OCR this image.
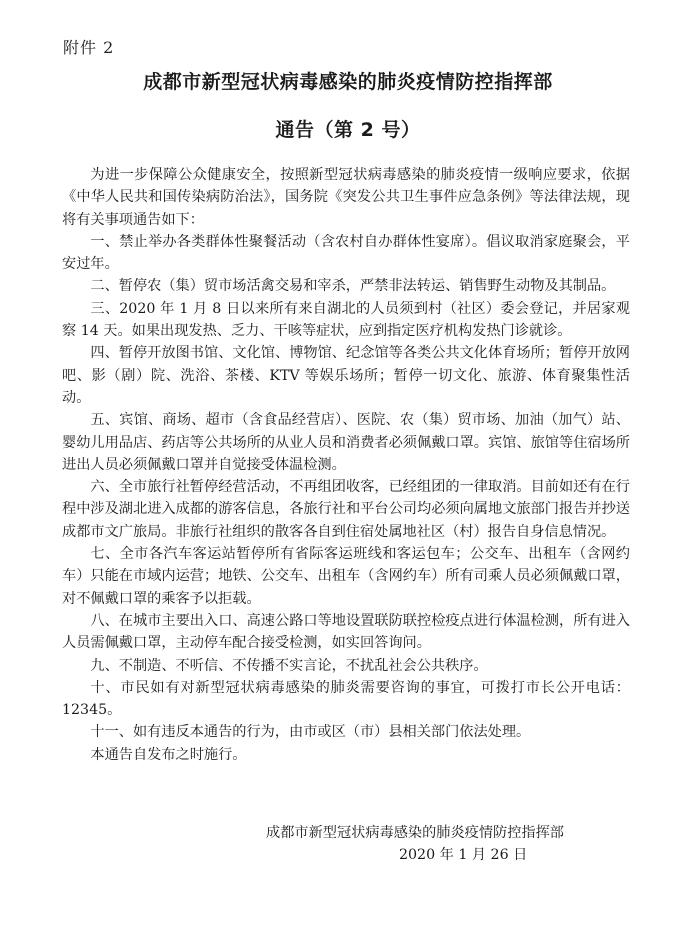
附件 2
成都市新型冠状病毒感染的肺炎疫情防控指挥部
通告（第 2 号）

为进一步保障公众健康安全，按照新型冠状病毒感染的肺炎疫情一级响应要求，依据《中华人民共和国传染病防治法》，国务院《突发公共卫生事件应急条例》等法律法规，现将有关事项通告如下：

一、禁止举办各类群体性聚餐活动（含农村自办群体性宴席）。倡议取消家庭聚会，平安过年。

二、暂停农（集）贸市场活禽交易和宰杀，严禁非法转运、销售野生动物及其制品。

三、2020 年 1 月 8 日以来所有来自湖北的人员须到村（社区）委会登记，并居家观察 14 天。如果出现发热、乏力、干咳等症状，应到指定医疗机构发热门诊就诊。

四、暂停开放图书馆、文化馆、博物馆、纪念馆等各类公共文化体育场所；暂停开放网吧、影（剧）院、洗浴、茶楼、KTV 等娱乐场所；暂停一切文化、旅游、体育聚集性活动。

五、宾馆、商场、超市（含食品经营店）、医院、农（集）贸市场、加油（加气）站、婴幼儿用品店、药店等公共场所的从业人员和消费者必须佩戴口罩。宾馆、旅馆等住宿场所进出人员必须佩戴口罩并自觉接受体温检测。

六、全市旅行社暂停经营活动，不再组团收客，已经组团的一律取消。目前如还有在行程中涉及湖北进入成都的游客信息，各旅行社和平台公司均必须向属地文旅部门报告并抄送成都市文广旅局。非旅行社组织的散客各自到住宿处属地社区（村）报告自身信息情况。

七、全市各汽车客运站暂停所有省际客运班线和客运包车；公交车、出租车（含网约车）只能在市域内运营；地铁、公交车、出租车（含网约车）所有司乘人员必须佩戴口罩，对不佩戴口罩的乘客予以拒载。

八、在城市主要出入口、高速公路口等地设置联防联控检疫点进行体温检测，所有进入人员需佩戴口罩，主动停车配合接受检测，如实回答询问。

九、不制造、不听信、不传播不实言论，不扰乱社会公共秩序。

十、市民如有对新型冠状病毒感染的肺炎需要咨询的事宜，可拨打市长公开电话：12345。

十一、如有违反本通告的行为，由市或区（市）县相关部门依法处理。

本通告自发布之时施行。

成都市新型冠状病毒感染的肺炎疫情防控指挥部
2020 年 1 月 26 日
